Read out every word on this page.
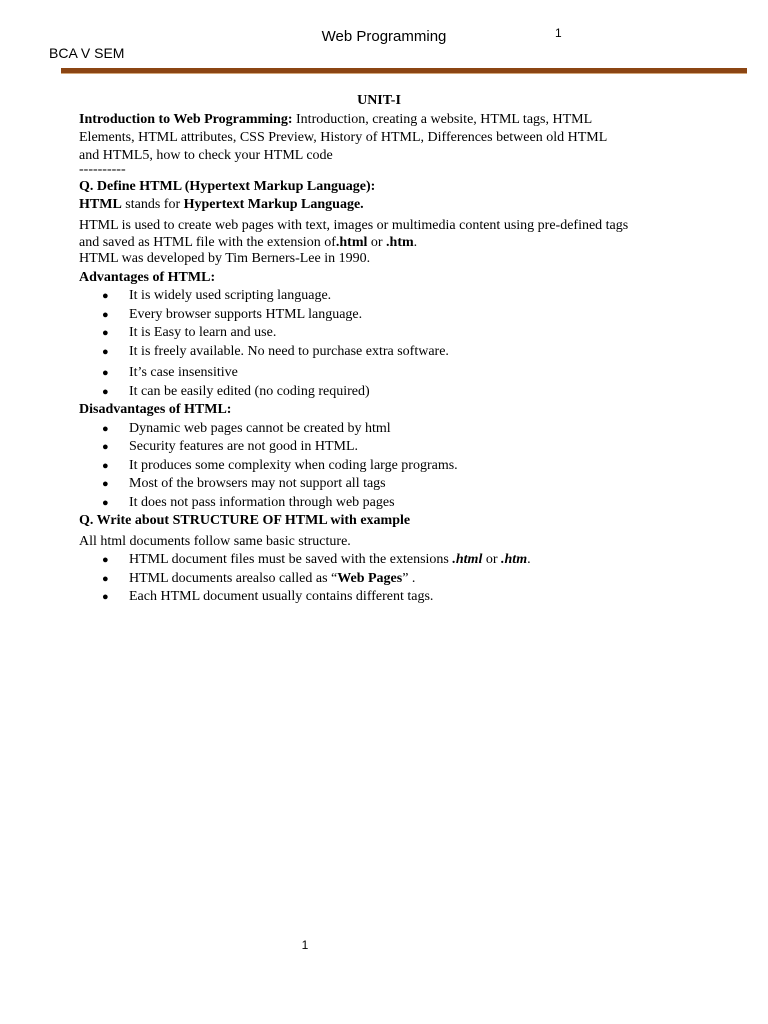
Web Programming	1
BCA V SEM
UNIT-I
Introduction to Web Programming: Introduction, creating a website, HTML tags, HTML
Elements, HTML attributes, CSS Preview, History of HTML, Differences between old HTML
and HTML5, how to check your HTML code
----------
Q. Define HTML (Hypertext Markup Language):
HTML stands for Hypertext Markup Language.
HTML is used to create web pages with text, images or multimedia content using pre-defined tags
and saved as HTML file with the extension of.html or .htm.
HTML was developed by Tim Berners-Lee in 1990.
Advantages of HTML:
● It is widely used scripting language.
● Every browser supports HTML language.
● It is Easy to learn and use.
● It is freely available. No need to purchase extra software.
● It’s case insensitive
● It can be easily edited (no coding required)
Disadvantages of HTML:
● Dynamic web pages cannot be created by html
● Security features are not good in HTML.
● It produces some complexity when coding large programs.
● Most of the browsers may not support all tags
● It does not pass information through web pages
Q. Write about STRUCTURE OF HTML with example
All html documents follow same basic structure.
● HTML document files must be saved with the extensions .html or .htm.
● HTML documents arealso called as “Web Pages” .
● Each HTML document usually contains different tags.
1
